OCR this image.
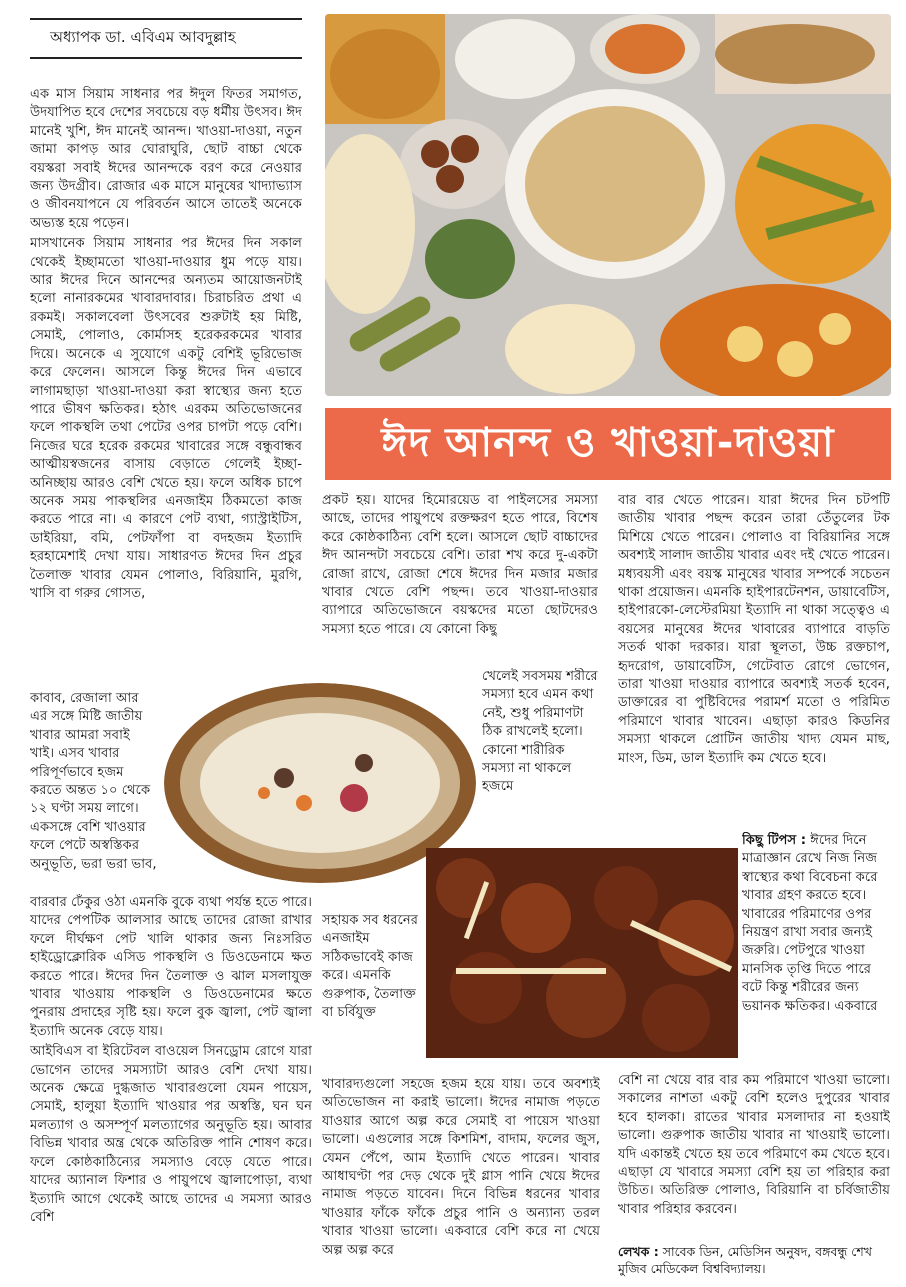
অধ্যাপক ডা. এবিএম আবদুল্লাহ
ঈদ আনন্দ ও খাওয়া-দাওয়া

এক মাস সিয়াম সাধনার পর ঈদুল ফিতর সমাগত, উদযাপিত হবে দেশের সবচেয়ে বড় ধর্মীয় উৎসব। ঈদ মানেই খুশি, ঈদ মানেই আনন্দ। খাওয়া-দাওয়া, নতুন জামা কাপড় আর ঘোরাঘুরি, ছোট বাচ্চা থেকে বয়স্করা সবাই ঈদের আনন্দকে বরণ করে নেওয়ার জন্য উদগ্রীব। রোজার এক মাসে মানুষের খাদ্যাভ্যাস ও জীবনযাপনে যে পরিবর্তন আসে তাতেই অনেকে অভ্যস্ত হয়ে পড়েন।

মাসখানেক সিয়াম সাধনার পর ঈদের দিন সকাল থেকেই ইচ্ছামতো খাওয়া-দাওয়ার ধুম পড়ে যায়। আর ঈদের দিনে আনন্দের অন্যতম আয়োজনটাই হলো নানারকমের খাবারদাবার। চিরাচরিত প্রথা এ রকমই। সকালবেলা উৎসবের শুরুটাই হয় মিষ্টি, সেমাই, পোলাও, কোর্মাসহ হরেকরকমের খাবার দিয়ে। অনেকে এ সুযোগে একটু বেশিই ভূরিভোজ করে ফেলেন। আসলে কিন্তু ঈদের দিন এভাবে লাগামছাড়া খাওয়া-দাওয়া করা স্বাস্থ্যের জন্য হতে পারে ভীষণ ক্ষতিকর। হঠাৎ এরকম অতিভোজনের ফলে পাকস্থলি তথা পেটের ওপর চাপটা পড়ে বেশি। নিজের ঘরে হরেক রকমের খাবারের সঙ্গে বন্ধুবান্ধব আত্মীয়স্বজনের বাসায় বেড়াতে গেলেই ইচ্ছা-অনিচ্ছায় আরও বেশি খেতে হয়। ফলে অধিক চাপে অনেক সময় পাকস্থলির এনজাইম ঠিকমতো কাজ করতে পারে না। এ কারণে পেট ব্যথা, গ্যাস্ট্রাইটিস, ডাইরিয়া, বমি, পেটফাঁপা বা বদহজম ইত্যাদি হরহামেশাই দেখা যায়। সাধারণত ঈদের দিন প্রচুর তৈলাক্ত খাবার যেমন পোলাও, বিরিয়ানি, মুরগি, খাসি বা গরুর গোসত,

কাবাব, রেজালা আর এর সঙ্গে মিষ্টি জাতীয় খাবার আমরা সবাই খাই। এসব খাবার পরিপূর্ণভাবে হজম করতে অন্তত ১০ থেকে ১২ ঘণ্টা সময় লাগে। একসঙ্গে বেশি খাওয়ার ফলে পেটে অস্বস্তিকর অনুভূতি, ভরা ভরা ভাব,

বারবার ঢেঁকুর ওঠা এমনকি বুকে ব্যথা পর্যন্ত হতে পারে। যাদের পেপটিক আলসার আছে তাদের রোজা রাখার ফলে দীর্ঘক্ষণ পেট খালি থাকার জন্য নিঃসরিত হাইড্রোক্লোরিক এসিড পাকস্থলি ও ডিওডেনামে ক্ষত করতে পারে। ঈদের দিন তৈলাক্ত ও ঝাল মসলাযুক্ত খাবার খাওয়ায় পাকস্থলি ও ডিওডেনামের ক্ষতে পুনরায় প্রদাহের সৃষ্টি হয়। ফলে বুক জ্বালা, পেট জ্বালা ইত্যাদি অনেক বেড়ে যায়।

আইবিএস বা ইরিটেবল বাওয়েল সিনড্রোম রোগে যারা ভোগেন তাদের সমস্যাটা আরও বেশি দেখা যায়। অনেক ক্ষেত্রে দুগ্ধজাত খাবারগুলো যেমন পায়েস, সেমাই, হালুয়া ইত্যাদি খাওয়ার পর অস্বস্তি, ঘন ঘন মলত্যাগ ও অসম্পূর্ণ মলত্যাগের অনুভূতি হয়। আবার বিভিন্ন খাবার অন্ত্র থেকে অতিরিক্ত পানি শোষণ করে। ফলে কোষ্ঠকাঠিন্যের সমস্যাও বেড়ে যেতে পারে। যাদের অ্যানাল ফিশার ও পায়ুপথে জ্বালাপোড়া, ব্যথা ইত্যাদি আগে থেকেই আছে তাদের এ সমস্যা আরও বেশি

প্রকট হয়। যাদের হিমোরয়েড বা পাইলসের সমস্যা আছে, তাদের পায়ুপথে রক্তক্ষরণ হতে পারে, বিশেষ করে কোষ্ঠকাঠিন্য বেশি হলে। আসলে ছোট বাচ্চাদের ঈদ আনন্দটা সবচেয়ে বেশি। তারা শখ করে দু-একটা রোজা রাখে, রোজা শেষে ঈদের দিন মজার মজার খাবার খেতে বেশি পছন্দ। তবে খাওয়া-দাওয়ার ব্যাপারে অতিভোজনে বয়স্কদের মতো ছোটদেরও সমস্যা হতে পারে। যে কোনো কিছু

খেলেই সবসময় শরীরে সমস্যা হবে এমন কথা নেই, শুধু পরিমাণটা ঠিক রাখলেই হলো। কোনো শারীরিক সমস্যা না থাকলে হজমে

সহায়ক সব ধরনের এনজাইম সঠিকভাবেই কাজ করে। এমনকি গুরুপাক, তৈলাক্ত বা চর্বিযুক্ত

খাবারদ্যগুলো সহজে হজম হয়ে যায়। তবে অবশ্যই অতিভোজন না করাই ভালো। ঈদের নামাজ পড়তে যাওয়ার আগে অল্প করে সেমাই বা পায়েস খাওয়া ভালো। এগুলোর সঙ্গে কিশমিশ, বাদাম, ফলের জুস, যেমন পেঁপে, আম ইত্যাদি খেতে পারেন। খাবার আধাঘণ্টা পর দেড় থেকে দুই গ্লাস পানি খেয়ে ঈদের নামাজ পড়তে যাবেন। দিনে বিভিন্ন ধরনের খাবার খাওয়ার ফাঁকে ফাঁকে প্রচুর পানি ও অন্যান্য তরল খাবার খাওয়া ভালো। একবারে বেশি করে না খেয়ে অল্প অল্প করে

বার বার খেতে পারেন। যারা ঈদের দিন চটপটি জাতীয় খাবার পছন্দ করেন তারা তেঁতুলের টক মিশিয়ে খেতে পারেন। পোলাও বা বিরিয়ানির সঙ্গে অবশ্যই সালাদ জাতীয় খাবার এবং দই খেতে পারেন। মধ্যবয়সী এবং বয়স্ক মানুষের খাবার সম্পর্কে সচেতন থাকা প্রয়োজন। এমনকি হাইপারটেনশন, ডায়াবেটিস, হাইপারকো-লেস্টেরমিয়া ইত্যাদি না থাকা সত্ত্বেও এ বয়সের মানুষের ঈদের খাবারের ব্যাপারে বাড়তি সতর্ক থাকা দরকার। যারা স্থূলতা, উচ্চ রক্তচাপ, হৃদরোগ, ডায়াবেটিস, গেটেবাত রোগে ভোগেন, তারা খাওয়া দাওয়ার ব্যাপারে অবশ্যই সতর্ক হবেন, ডাক্তারের বা পুষ্টিবিদের পরামর্শ মতো ও পরিমিত পরিমাণে খাবার খাবেন। এছাড়া কারও কিডনির সমস্যা থাকলে প্রোটিন জাতীয় খাদ্য যেমন মাছ, মাংস, ডিম, ডাল ইত্যাদি কম খেতে হবে।

কিছু টিপস : ঈদের দিনে মাত্রাজ্ঞান রেখে নিজ নিজ স্বাস্থ্যের কথা বিবেচনা করে খাবার গ্রহণ করতে হবে। খাবারের পরিমাণের ওপর নিয়ন্ত্রণ রাখা সবার জন্যই জরুরি। পেটপুরে খাওয়া মানসিক তৃপ্তি দিতে পারে বটে কিন্তু শরীরের জন্য ভয়ানক ক্ষতিকর। একবারে

বেশি না খেয়ে বার বার কম পরিমাণে খাওয়া ভালো। সকালের নাশতা একটু বেশি হলেও দুপুরের খাবার হবে হালকা। রাতের খাবার মসলাদার না হওয়াই ভালো। গুরুপাক জাতীয় খাবার না খাওয়াই ভালো। যদি একান্তই খেতে হয় তবে পরিমাণে কম খেতে হবে। এছাড়া যে খাবারে সমস্যা বেশি হয় তা পরিহার করা উচিত। অতিরিক্ত পোলাও, বিরিয়ানি বা চর্বিজাতীয় খাবার পরিহার করবেন।

লেখক : সাবেক ডিন, মেডিসিন অনুষদ, বঙ্গবন্ধু শেখ মুজিব মেডিকেল বিশ্ববিদ্যালয়।
